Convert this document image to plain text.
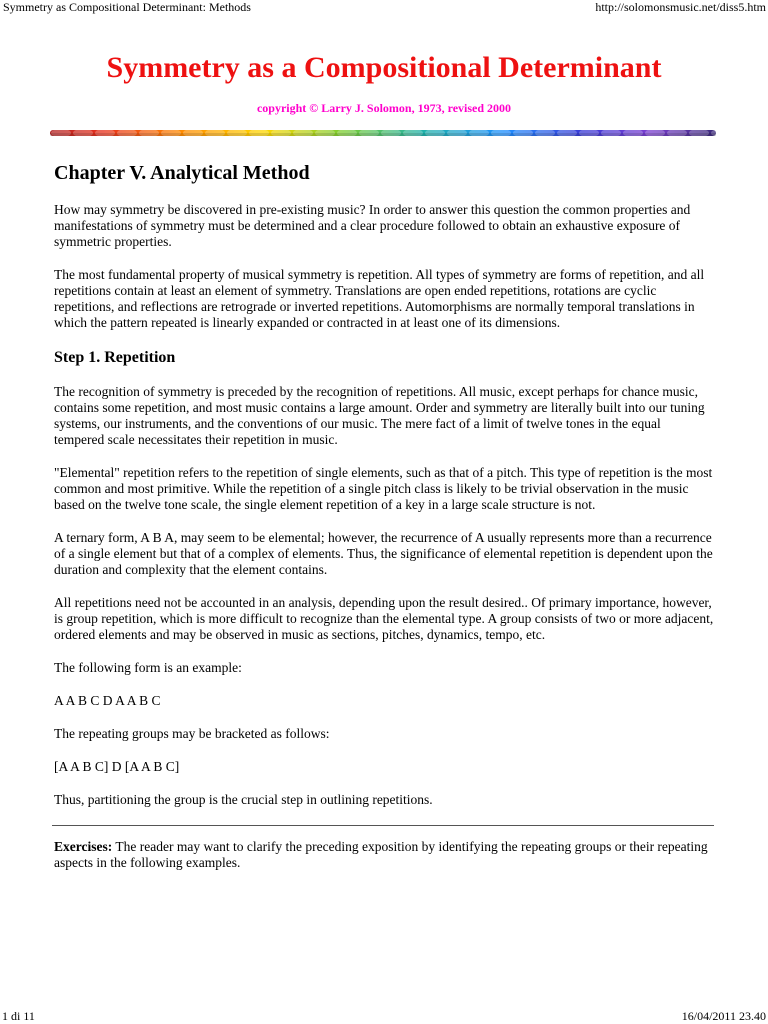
Symmetry as Compositional Determinant: Methods	http://solomonsmusic.net/diss5.htm
Symmetry as a Compositional Determinant
copyright © Larry J. Solomon, 1973, revised 2000
Chapter V. Analytical Method

How may symmetry be discovered in pre-existing music? In order to answer this question the common properties and manifestations of symmetry must be determined and a clear procedure followed to obtain an exhaustive exposure of symmetric properties.

The most fundamental property of musical symmetry is repetition. All types of symmetry are forms of repetition, and all repetitions contain at least an element of symmetry. Translations are open ended repetitions, rotations are cyclic repetitions, and reflections are retrograde or inverted repetitions. Automorphisms are normally temporal translations in which the pattern repeated is linearly expanded or contracted in at least one of its dimensions.

Step 1. Repetition

The recognition of symmetry is preceded by the recognition of repetitions. All music, except perhaps for chance music, contains some repetition, and most music contains a large amount. Order and symmetry are literally built into our tuning systems, our instruments, and the conventions of our music. The mere fact of a limit of twelve tones in the equal tempered scale necessitates their repetition in music.

"Elemental" repetition refers to the repetition of single elements, such as that of a pitch. This type of repetition is the most common and most primitive. While the repetition of a single pitch class is likely to be trivial observation in the music based on the twelve tone scale, the single element repetition of a key in a large scale structure is not.

A ternary form, A B A, may seem to be elemental; however, the recurrence of A usually represents more than a recurrence of a single element but that of a complex of elements. Thus, the significance of elemental repetition is dependent upon the duration and complexity that the element contains.

All repetitions need not be accounted in an analysis, depending upon the result desired.. Of primary importance, however, is group repetition, which is more difficult to recognize than the elemental type. A group consists of two or more adjacent, ordered elements and may be observed in music as sections, pitches, dynamics, tempo, etc.

The following form is an example:

A A B C D A A B C

The repeating groups may be bracketed as follows:

[A A B C] D [A A B C]

Thus, partitioning the group is the crucial step in outlining repetitions.

Exercises: The reader may want to clarify the preceding exposition by identifying the repeating groups or their repeating aspects in the following examples.

1 di 11	16/04/2011 23.40
